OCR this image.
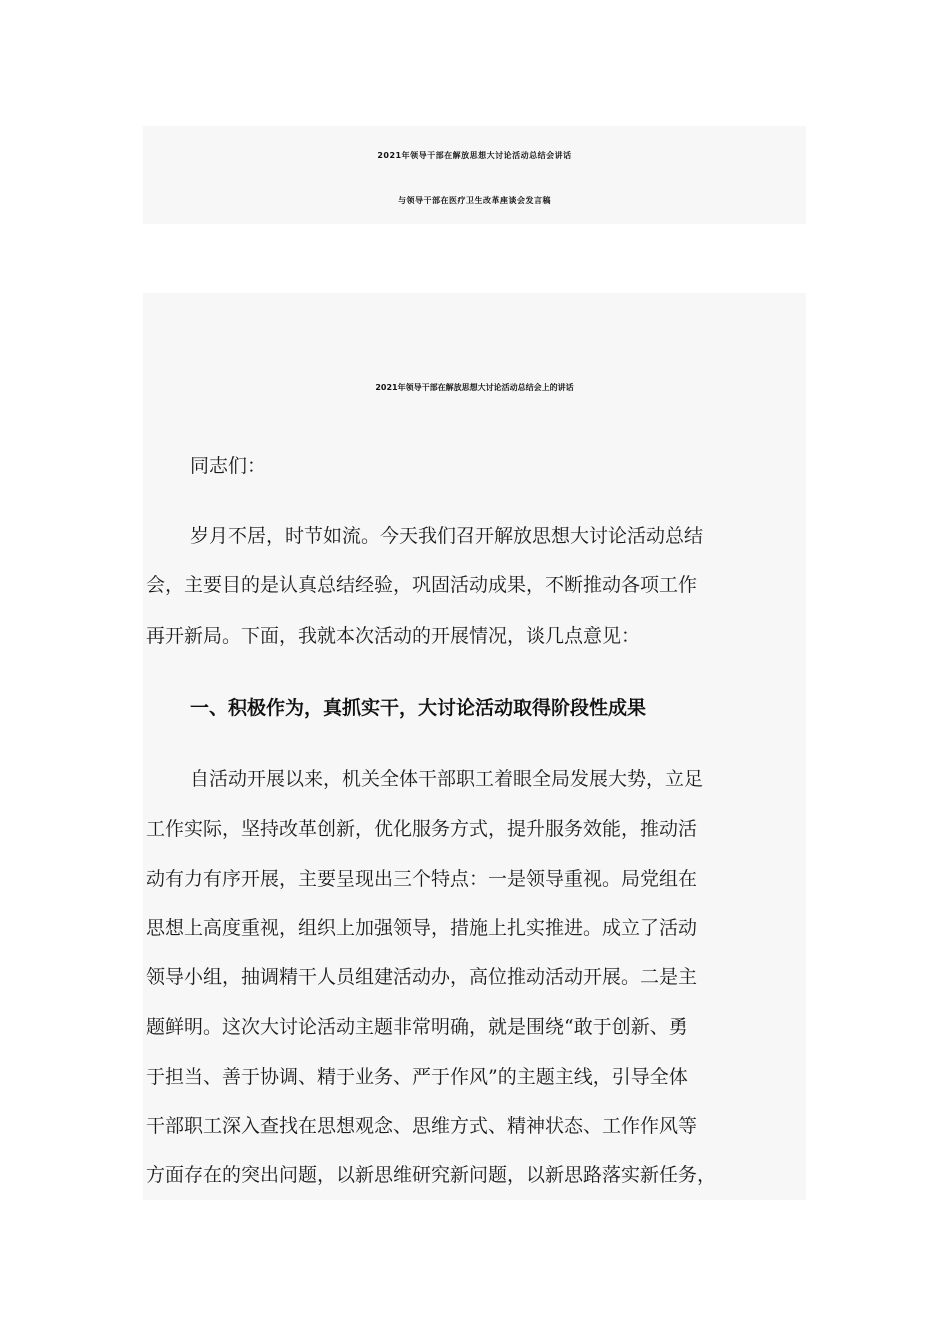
2021年领导干部在解放思想大讨论活动总结会讲话
与领导干部在医疗卫生改革座谈会发言稿
2021年领导干部在解放思想大讨论活动总结会上的讲话
同志们：
岁月不居，时节如流。今天我们召开解放思想大讨论活动总结
会，主要目的是认真总结经验，巩固活动成果，不断推动各项工作
再开新局。下面，我就本次活动的开展情况，谈几点意见：
一、积极作为，真抓实干，大讨论活动取得阶段性成果
自活动开展以来，机关全体干部职工着眼全局发展大势，立足
工作实际，坚持改革创新，优化服务方式，提升服务效能，推动活
动有力有序开展，主要呈现出三个特点：一是领导重视。局党组在
思想上高度重视，组织上加强领导，措施上扎实推进。成立了活动
领导小组，抽调精干人员组建活动办，高位推动活动开展。二是主
题鲜明。这次大讨论活动主题非常明确，就是围绕“敢于创新、勇
于担当、善于协调、精于业务、严于作风”的主题主线，引导全体
干部职工深入查找在思想观念、思维方式、精神状态、工作作风等
方面存在的突出问题，以新思维研究新问题，以新思路落实新任务，
